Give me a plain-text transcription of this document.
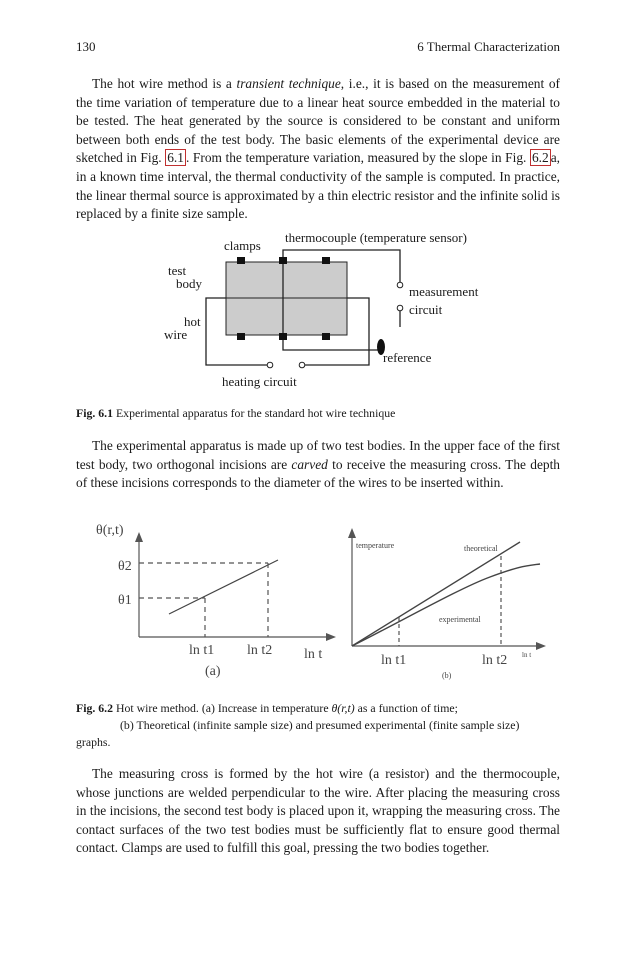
130	6 Thermal Characterization

The hot wire method is a transient technique, i.e., it is based on the measurement of the time variation of temperature due to a linear heat source embedded in the material to be tested. The heat generated by the source is considered to be constant and uniform between both ends of the test body. The basic elements of the experimental device are sketched in Fig. 6.1 . From the temperature variation, measured by the slope in Fig. 6.2 a, in a known time interval, the thermal conductivity of the sample is computed. In practice, the linear thermal source is approximated by a thin electric resistor and the infinite solid is replaced by a finite size sample.

clamps
thermocouple (temperature sensor)
test
body
measurement
circuit
hot
wire
reference
heating circuit
Fig. 6.1 Experimental apparatus for the standard hot wire technique

The experimental apparatus is made up of two test bodies. In the upper face of the first test body, two orthogonal incisions are carved to receive the measuring cross. The depth of these incisions corresponds to the diameter of the wires to be inserted within.

θ(r,t)
θ2
θ1
ln t1 ln t2 ln t
(a)
temperature	theoretical
experimental
ln t
ln t1	ln t2
(b)
Fig. 6.2 Hot wire method. (a) Increase in temperature θ(r,t) as a function of time;
(b) Theoretical (infinite sample size) and presumed experimental (finite sample size)
graphs.

The measuring cross is formed by the hot wire (a resistor) and the thermocouple, whose junctions are welded perpendicular to the wire. After placing the measuring cross in the incisions, the second test body is placed upon it, wrapping the measuring cross. The contact surfaces of the two test bodies must be sufficiently flat to ensure good thermal contact. Clamps are used to fulfill this goal, pressing the two bodies together.
